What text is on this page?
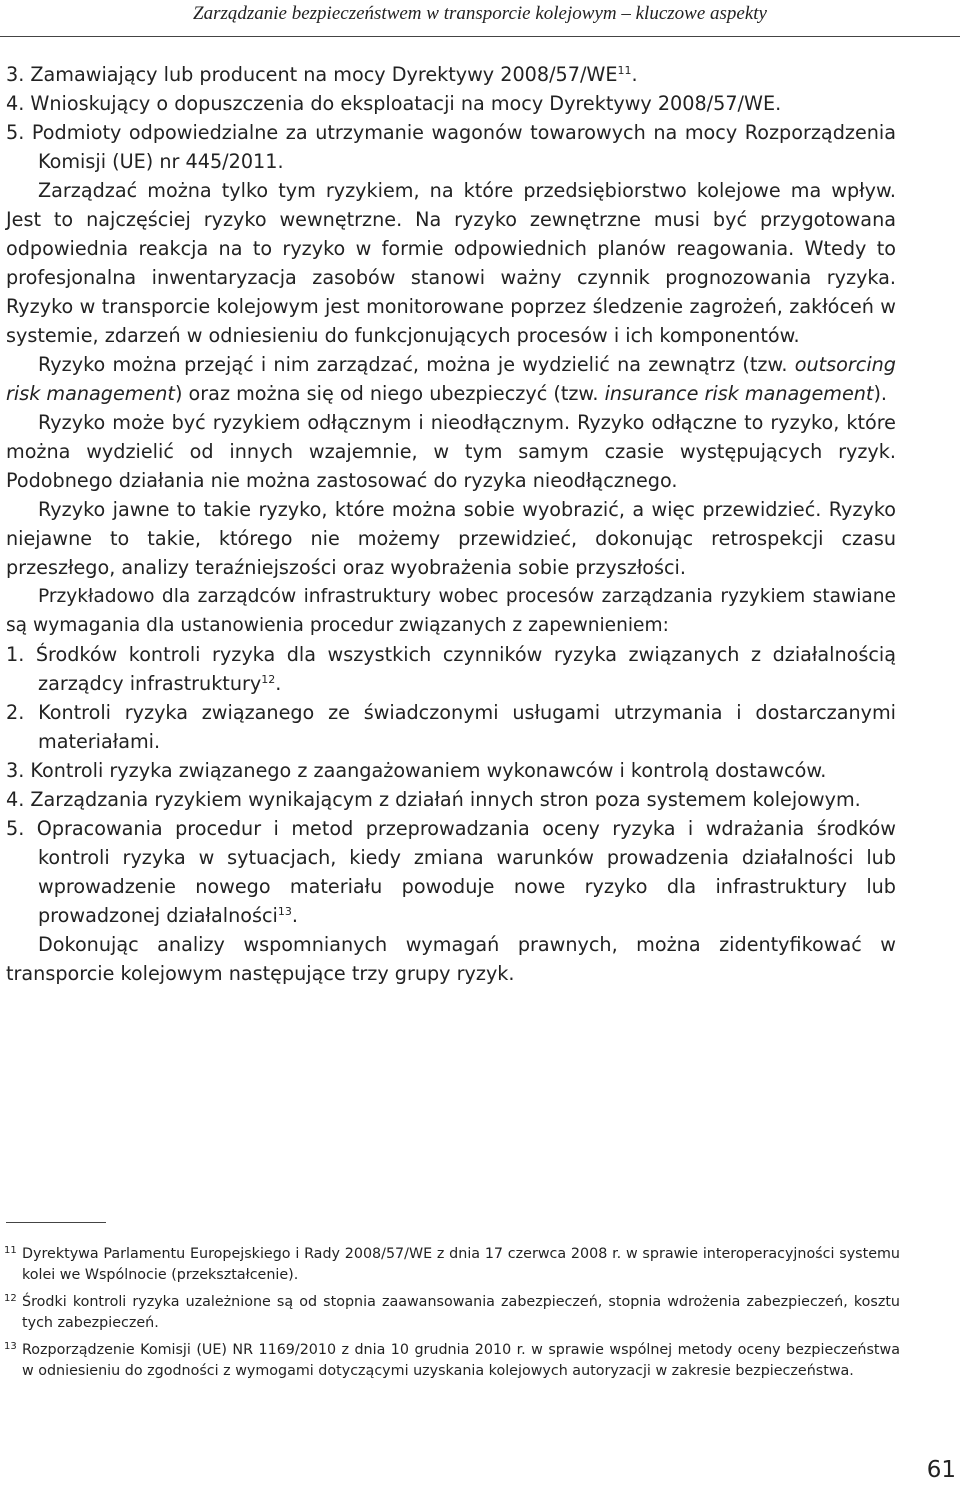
Zarządzanie bezpieczeństwem w transporcie kolejowym – kluczowe aspekty

3. Zamawiający lub producent na mocy Dyrektywy 2008/57/WE$^{11}$.

4. Wnioskujący o dopuszczenia do eksploatacji na mocy Dyrektywy 2008/57/WE.

5. Podmioty odpowiedzialne za utrzymanie wagonów towarowych na mocy Rozporządzenia Komisji (UE) nr 445/2011.

Zarządzać można tylko tym ryzykiem, na które przedsiębiorstwo kolejowe ma wpływ. Jest to najczęściej ryzyko wewnętrzne. Na ryzyko zewnętrzne musi być przygotowana odpowiednia reakcja na to ryzyko w formie odpowiednich planów reagowania. Wtedy to profesjonalna inwentaryzacja zasobów stanowi ważny czynnik prognozowania ryzyka. Ryzyko w transporcie kolejowym jest monitorowane poprzez śledzenie zagrożeń, zakłóceń w systemie, zdarzeń w odniesieniu do funkcjonujących procesów i ich komponentów.

Ryzyko można przejąć i nim zarządzać, można je wydzielić na zewnątrz (tzw. outsorcing risk management) oraz można się od niego ubezpieczyć (tzw. insurance risk management).

Ryzyko może być ryzykiem odłącznym i nieodłącznym. Ryzyko odłączne to ryzyko, które można wydzielić od innych wzajemnie, w tym samym czasie występujących ryzyk. Podobnego działania nie można zastosować do ryzyka nieodłącznego.

Ryzyko jawne to takie ryzyko, które można sobie wyobrazić, a więc przewidzieć. Ryzyko niejawne to takie, którego nie możemy przewidzieć, dokonując retrospekcji czasu przeszłego, analizy teraźniejszości oraz wyobrażenia sobie przyszłości.

Przykładowo dla zarządców infrastruktury wobec procesów zarządzania ryzykiem stawiane są wymagania dla ustanowienia procedur związanych z zapewnieniem:

1. Środków kontroli ryzyka dla wszystkich czynników ryzyka związanych z działalnością zarządcy infrastruktury$^{12}$.

2. Kontroli ryzyka związanego ze świadczonymi usługami utrzymania i dostarczanymi materiałami.

3. Kontroli ryzyka związanego z zaangażowaniem wykonawców i kontrolą dostawców.

4. Zarządzania ryzykiem wynikającym z działań innych stron poza systemem kolejowym.

5. Opracowania procedur i metod przeprowadzania oceny ryzyka i wdrażania środków kontroli ryzyka w sytuacjach, kiedy zmiana warunków prowadzenia działalności lub wprowadzenie nowego materiału powoduje nowe ryzyko dla infrastruktury lub prowadzonej działalności$^{13}$.

Dokonując analizy wspomnianych wymagań prawnych, można zidentyfikować w transporcie kolejowym następujące trzy grupy ryzyk.

11 Dyrektywa Parlamentu Europejskiego i Rady 2008/57/WE z dnia 17 czerwca 2008 r. w sprawie interoperacyjności systemu kolei we Wspólnocie (przekształcenie).
12 Środki kontroli ryzyka uzależnione są od stopnia zaawansowania zabezpieczeń, stopnia wdrożenia zabezpieczeń, kosztu tych zabezpieczeń.
13 Rozporządzenie Komisji (UE) NR 1169/2010 z dnia 10 grudnia 2010 r. w sprawie wspólnej metody oceny bezpieczeństwa w odniesieniu do zgodności z wymogami dotyczącymi uzyskania kolejowych autoryzacji w zakresie bezpieczeństwa.
61
